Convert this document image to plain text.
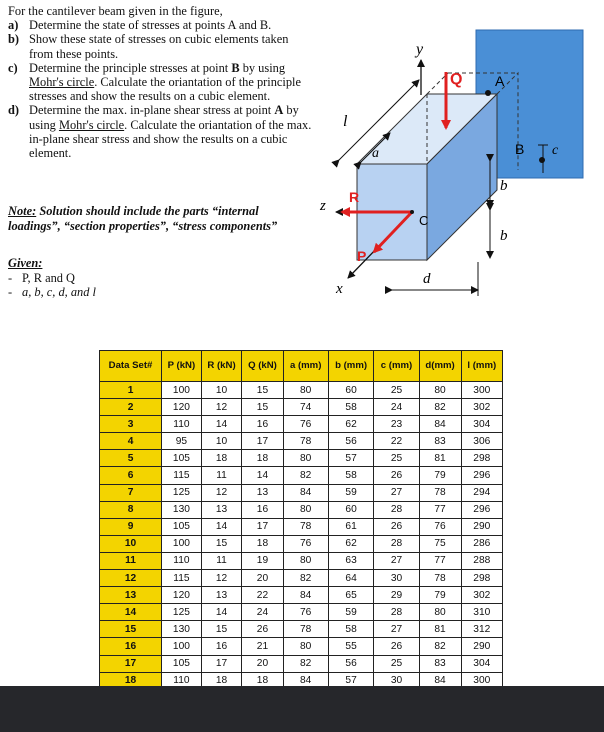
For the cantilever beam given in the figure,

a) Determine the state of stresses at points A and B.
b) Show these state of stresses on cubic elements taken from these points.
c) Determine the principle stresses at point B by using Mohr's circle. Calculate the oriantation of the principle stresses and show the results on a cubic element.
d) Determine the max. in-plane shear stress at point A by using Mohr's circle. Calculate the oriantation of the max. in-plane shear stress and show the results on a cubic element.
Note: Solution should include the parts “internal loadings”, “section properties”, “stress components”
Given:
- P, R and Q
- a, b, c, d, and l
y
Q A
B c
b
b
l
a
z
R
P
x
C
d
Data Set#	P (kN)	R (kN)	Q (kN)	a (mm)	b (mm)	c (mm)	d(mm)	l (mm)
1	100	10	15	80	60	25	80	300
2	120	12	15	74	58	24	82	302
3	110	14	16	76	62	23	84	304
4	95	10	17	78	56	22	83	306
5	105	18	18	80	57	25	81	298
6	115	11	14	82	58	26	79	296
7	125	12	13	84	59	27	78	294
8	130	13	16	80	60	28	77	296
9	105	14	17	78	61	26	76	290
10	100	15	18	76	62	28	75	286
11	110	11	19	80	63	27	77	288
12	115	12	20	82	64	30	78	298
13	120	13	22	84	65	29	79	302
14	125	14	24	76	59	28	80	310
15	130	15	26	78	58	27	81	312
16	100	16	21	80	55	26	82	290
17	105	17	20	82	56	25	83	304
18	110	18	18	84	57	30	84	300
